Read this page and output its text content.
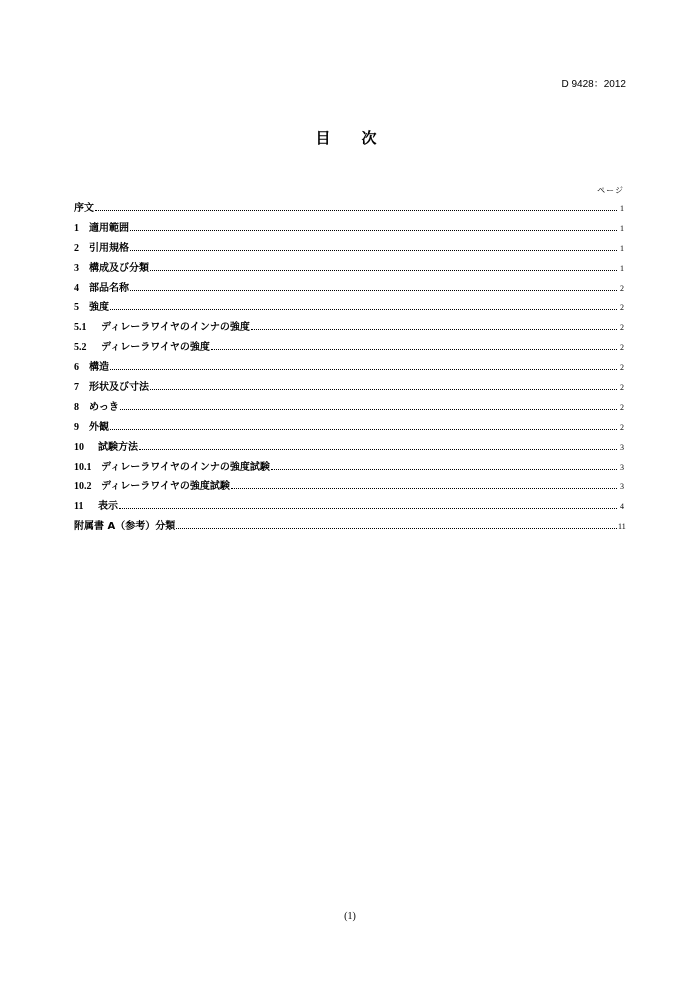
D 9428：2012
目　次
ページ
序文	1
1 適用範囲	1
2 引用規格	1
3 構成及び分類	1
4 部品名称	2
5 強度	2
5.1 ディレーラワイヤのインナの強度	2
5.2 ディレーラワイヤの強度	2
6 構造	2
7 形状及び寸法	2
8 めっき	2
9 外観	2
10 試験方法	3
10.1 ディレーラワイヤのインナの強度試験	3
10.2 ディレーラワイヤの強度試験	3
11 表示	4
附属書 A（参考）分類	11
(1)
